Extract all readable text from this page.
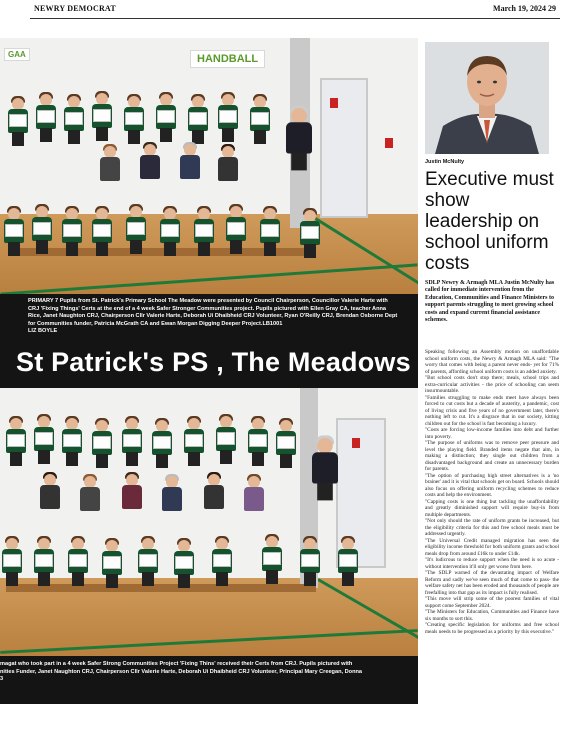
NEWRY DEMOCRAT	March 19, 2024 29
GAA	HANDBALL
PRIMARY 7 Pupils from St. Patrick's Primary School The Meadow were presented by Council Chairperson, Councillor Valerie Harte with CRJ 'Fixing Things' Certs at the end of a 4 week Safer Stronger Communities project. Pupils pictured with Ellen Gray CA, teacher Anna Rice, Janet Naughton CRJ, Chairperson Cllr Valerie Harte, Deborah Ui Dhaibheid CRJ Volunteer, Ryan O'Reilly CRJ, Brendan Osborne Dept for Communities funder, Patricia McGrath CA and Ewan Morgan Digging Deeper Project.LB1001
LIZ BOYLE
St Patrick's PS , The Meadows
magat who took part in a 4 week Safer Strong Communities Project 'Fixing Thins' received their Certs from CRJ. Pupils pictured with
nities Funder, Janet Naughton CRJ, Chairperson Cllr Valerie Harte, Deborah Ui Dhaibheid CRJ Volunteer, Principal Mary Creegan, Donna
3
Justin McNulty
Executive must show leadership on school uniform costs
SDLP Newry & Armagh MLA Justin McNulty has called for immediate intervention from the Education, Communities and Finance Ministers to support parents struggling to meet growing school costs and expand current financial assistance schemes.

Speaking following an Assembly motion on unaffordable school uniform costs, the Newry & Armagh MLA said: "The worry that comes with being a parent never ends- yet for 71% of parents, affording school uniform costs is an added anxiety.

"But school costs don't stop there; meals, school trips and extra-curricular activities - the price of schooling can seem insurmountable.

"Families struggling to make ends meet have always been forced to cut costs but a decade of austerity, a pandemic, cost of living crisis and five years of no government later, there's nothing left to cut. It's a disgrace that in our society, kitting children out for the school is fast becoming a luxury.

"Costs are forcing low-income families into debt and further into poverty.

"The purpose of uniforms was to remove peer pressure and level the playing field. Branded items negate that aim, in making a distinction; they single out children from a disadvantaged background and create an unnecessary burden for parents.

"The option of purchasing high street alternatives is a 'no brainer' and it is vital that schools get on board. Schools should also focus on offering uniform recycling schemes to reduce costs and help the environment.

"Capping costs is one thing but tackling the unaffordability and greatly diminished support will require buy-in from multiple departments.

"Not only should the rate of uniform grants be increased, but the eligibility criteria for this and free school meals must be addressed urgently.

"The Universal Credit managed migration has seen the eligibility income threshold for both uniform grants and school meals drop from around £16k to under £14k.

"It's ludicrous to reduce support when the need is so acute - without intervention it'll only get worse from here.

"The SDLP warned of the devastating impact of Welfare Reform and sadly we've seen much of that come to pass- the welfare safety net has been eroded and thousands of people are freefalling into that gap as its impact is fully realised.

"This move will strip some of the poorest families of vital support come September 2024.

"The Ministers for Education, Communities and Finance have six months to sort this.

"Creating specific legislation for uniforms and free school meals needs to be progressed as a priority by this executive."
